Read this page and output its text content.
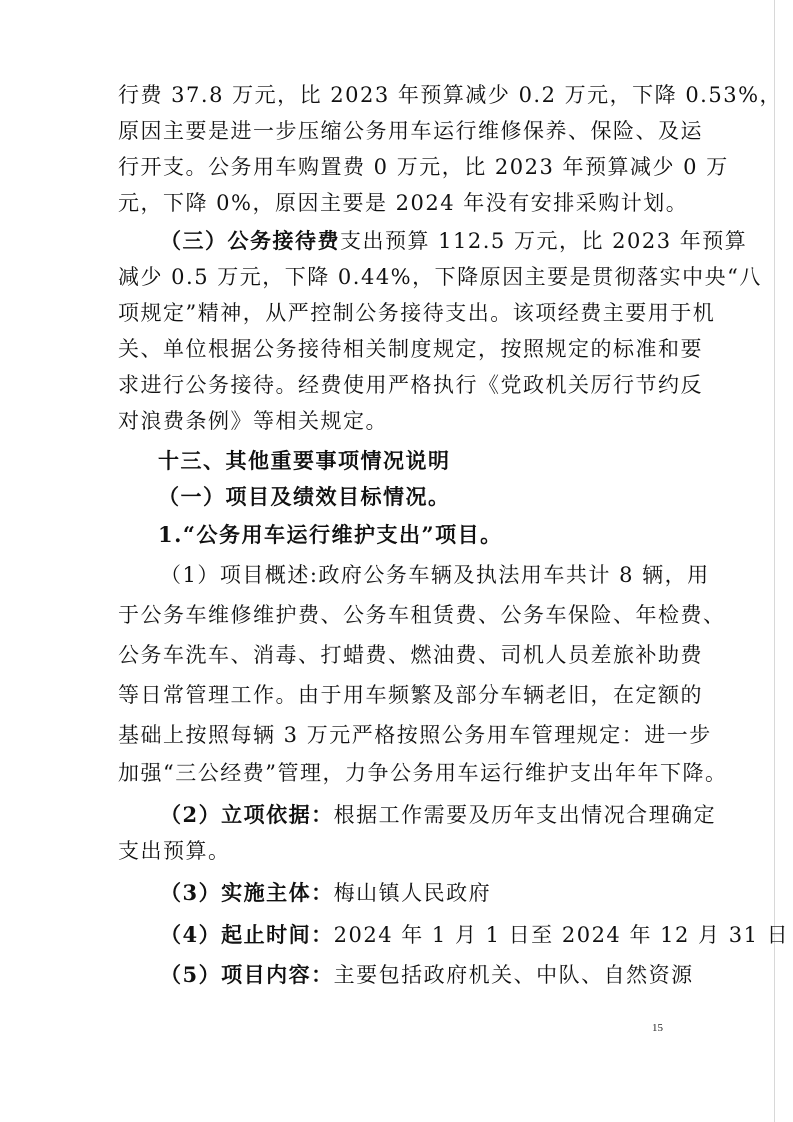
行费 37.8 万元，比 2023 年预算减少 0.2 万元，下降 0.53%，
原因主要是进一步压缩公务用车运行维修保养、保险、及运
行开支。公务用车购置费 0 万元，比 2023 年预算减少 0 万
元，下降 0%，原因主要是 2024 年没有安排采购计划。
（三）公务接待费支出预算 112.5 万元，比 2023 年预算
减少 0.5 万元，下降 0.44%，下降原因主要是贯彻落实中央“八
项规定”精神，从严控制公务接待支出。该项经费主要用于机
关、单位根据公务接待相关制度规定，按照规定的标准和要
求进行公务接待。经费使用严格执行《党政机关厉行节约反
对浪费条例》等相关规定。
十三、其他重要事项情况说明
（一）项目及绩效目标情况。
1.“公务用车运行维护支出”项目。
（1）项目概述:政府公务车辆及执法用车共计 8 辆，用
于公务车维修维护费、公务车租赁费、公务车保险、年检费、
公务车洗车、消毒、打蜡费、燃油费、司机人员差旅补助费
等日常管理工作。由于用车频繁及部分车辆老旧，在定额的
基础上按照每辆 3 万元严格按照公务用车管理规定：进一步
加强“三公经费”管理，力争公务用车运行维护支出年年下降。
（2）立项依据：根据工作需要及历年支出情况合理确定
支出预算。
（3）实施主体：梅山镇人民政府
（4）起止时间：2024 年 1 月 1 日至 2024 年 12 月 31 日
（5）项目内容：主要包括政府机关、中队、自然资源
15
